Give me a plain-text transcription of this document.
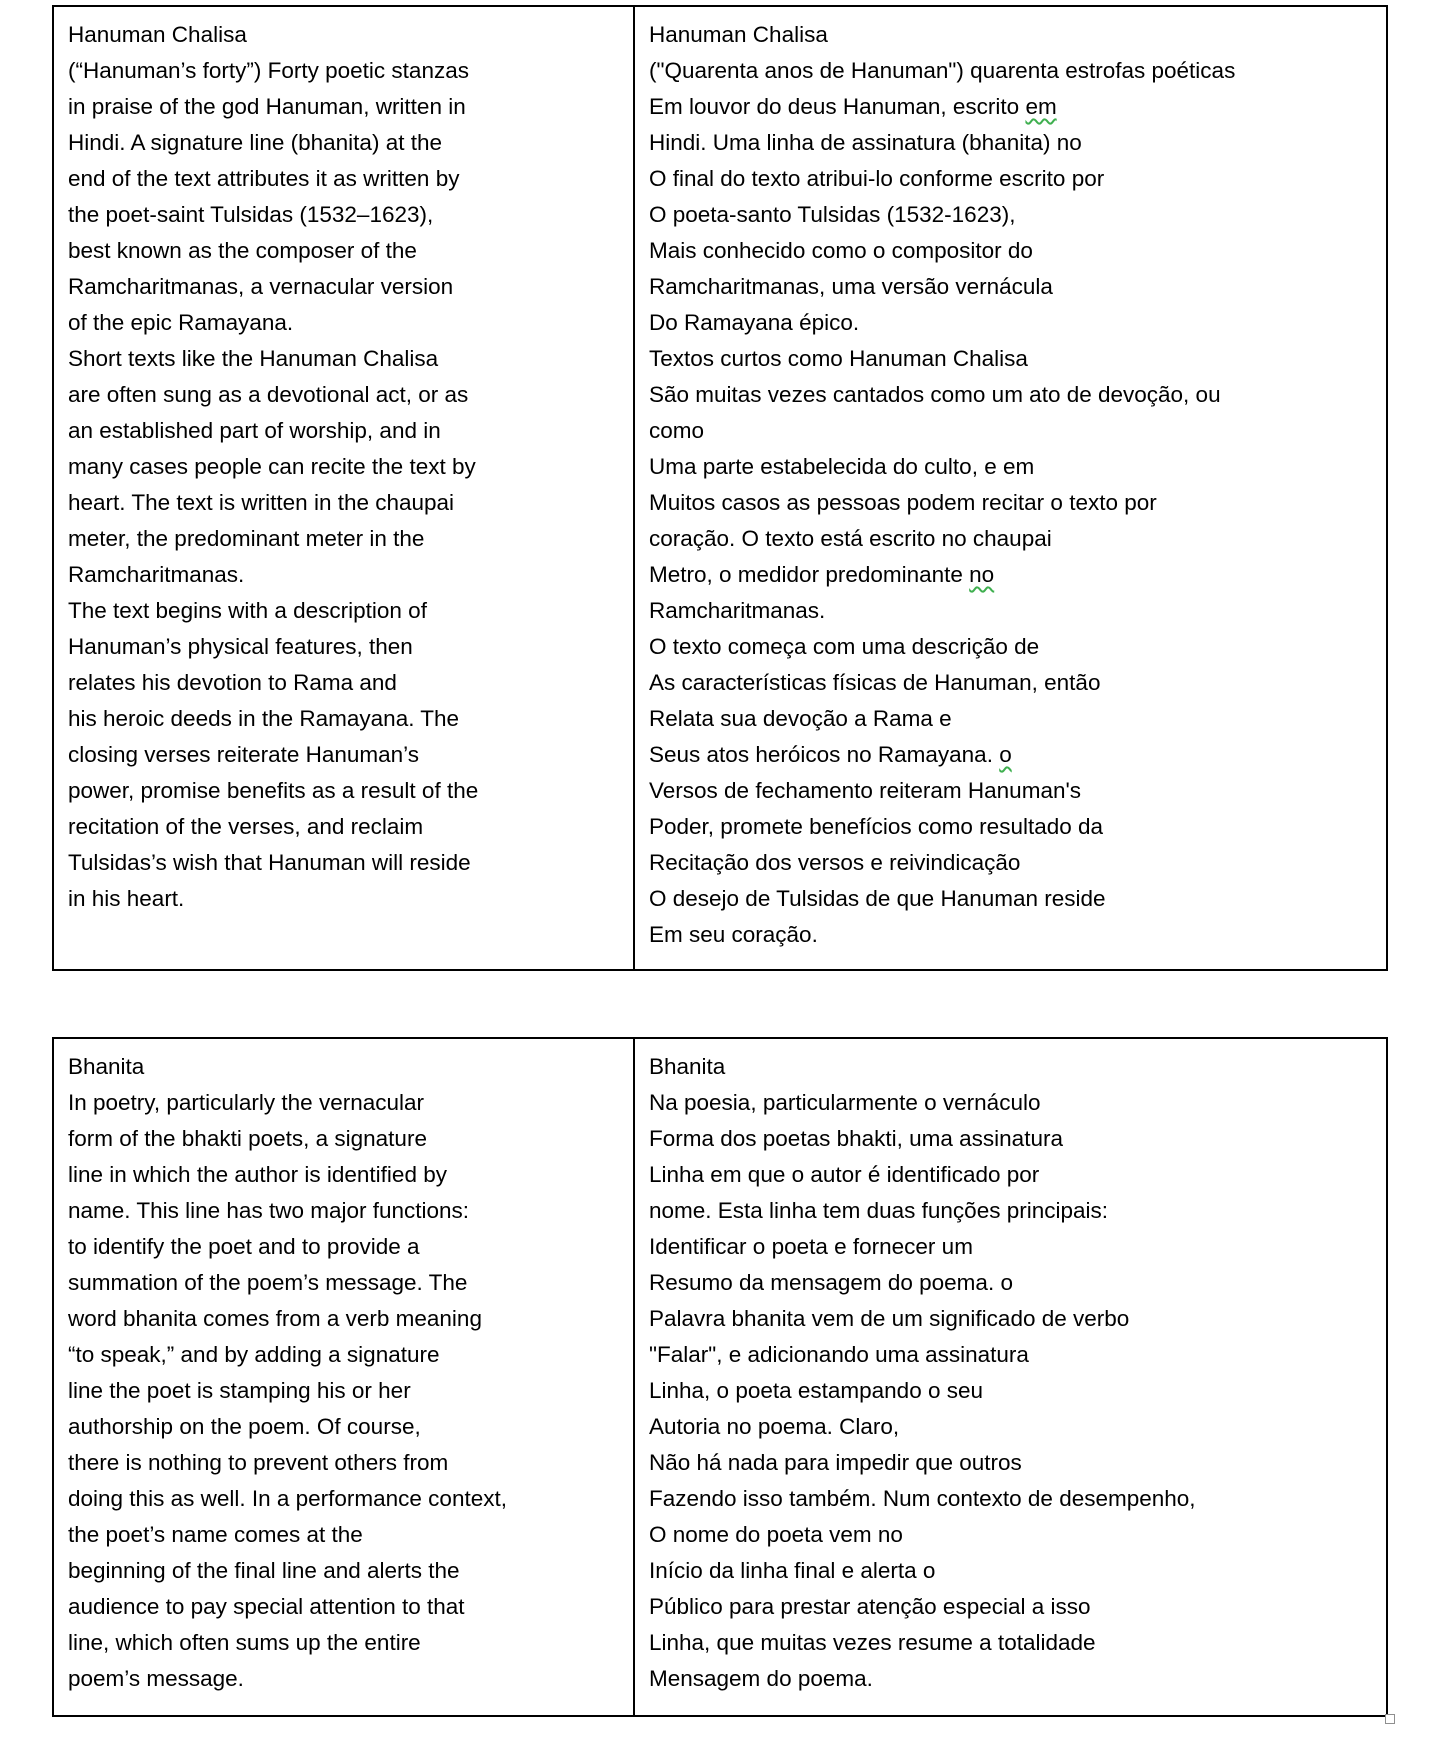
Hanuman Chalisa
(“Hanuman’s forty”) Forty poetic stanzas
in praise of the god Hanuman, written in
Hindi. A signature line (bhanita) at the
end of the text attributes it as written by
the poet-saint Tulsidas (1532–1623),
best known as the composer of the
Ramcharitmanas, a vernacular version
of the epic Ramayana.
Short texts like the Hanuman Chalisa
are often sung as a devotional act, or as
an established part of worship, and in
many cases people can recite the text by
heart. The text is written in the chaupai
meter, the predominant meter in the
Ramcharitmanas.
The text begins with a description of
Hanuman’s physical features, then
relates his devotion to Rama and
his heroic deeds in the Ramayana. The
closing verses reiterate Hanuman’s
power, promise benefits as a result of the
recitation of the verses, and reclaim
Tulsidas’s wish that Hanuman will reside
in his heart.
Hanuman Chalisa
("Quarenta anos de Hanuman") quarenta estrofas poéticas
Em louvor do deus Hanuman, escrito em
Hindi. Uma linha de assinatura (bhanita) no
O final do texto atribui-lo conforme escrito por
O poeta-santo Tulsidas (1532-1623),
Mais conhecido como o compositor do
Ramcharitmanas, uma versão vernácula
Do Ramayana épico.
Textos curtos como Hanuman Chalisa
São muitas vezes cantados como um ato de devoção, ou
como
Uma parte estabelecida do culto, e em
Muitos casos as pessoas podem recitar o texto por
coração. O texto está escrito no chaupai
Metro, o medidor predominante no
Ramcharitmanas.
O texto começa com uma descrição de
As características físicas de Hanuman, então
Relata sua devoção a Rama e
Seus atos heróicos no Ramayana. o
Versos de fechamento reiteram Hanuman's
Poder, promete benefícios como resultado da
Recitação dos versos e reivindicação
O desejo de Tulsidas de que Hanuman reside
Em seu coração.
Bhanita
In poetry, particularly the vernacular
form of the bhakti poets, a signature
line in which the author is identified by
name. This line has two major functions:
to identify the poet and to provide a
summation of the poem’s message. The
word bhanita comes from a verb meaning
“to speak,” and by adding a signature
line the poet is stamping his or her
authorship on the poem. Of course,
there is nothing to prevent others from
doing this as well. In a performance context,
the poet’s name comes at the
beginning of the final line and alerts the
audience to pay special attention to that
line, which often sums up the entire
poem’s message.
Bhanita
Na poesia, particularmente o vernáculo
Forma dos poetas bhakti, uma assinatura
Linha em que o autor é identificado por
nome. Esta linha tem duas funções principais:
Identificar o poeta e fornecer um
Resumo da mensagem do poema. o
Palavra bhanita vem de um significado de verbo
"Falar", e adicionando uma assinatura
Linha, o poeta estampando o seu
Autoria no poema. Claro,
Não há nada para impedir que outros
Fazendo isso também. Num contexto de desempenho,
O nome do poeta vem no
Início da linha final e alerta o
Público para prestar atenção especial a isso
Linha, que muitas vezes resume a totalidade
Mensagem do poema.
